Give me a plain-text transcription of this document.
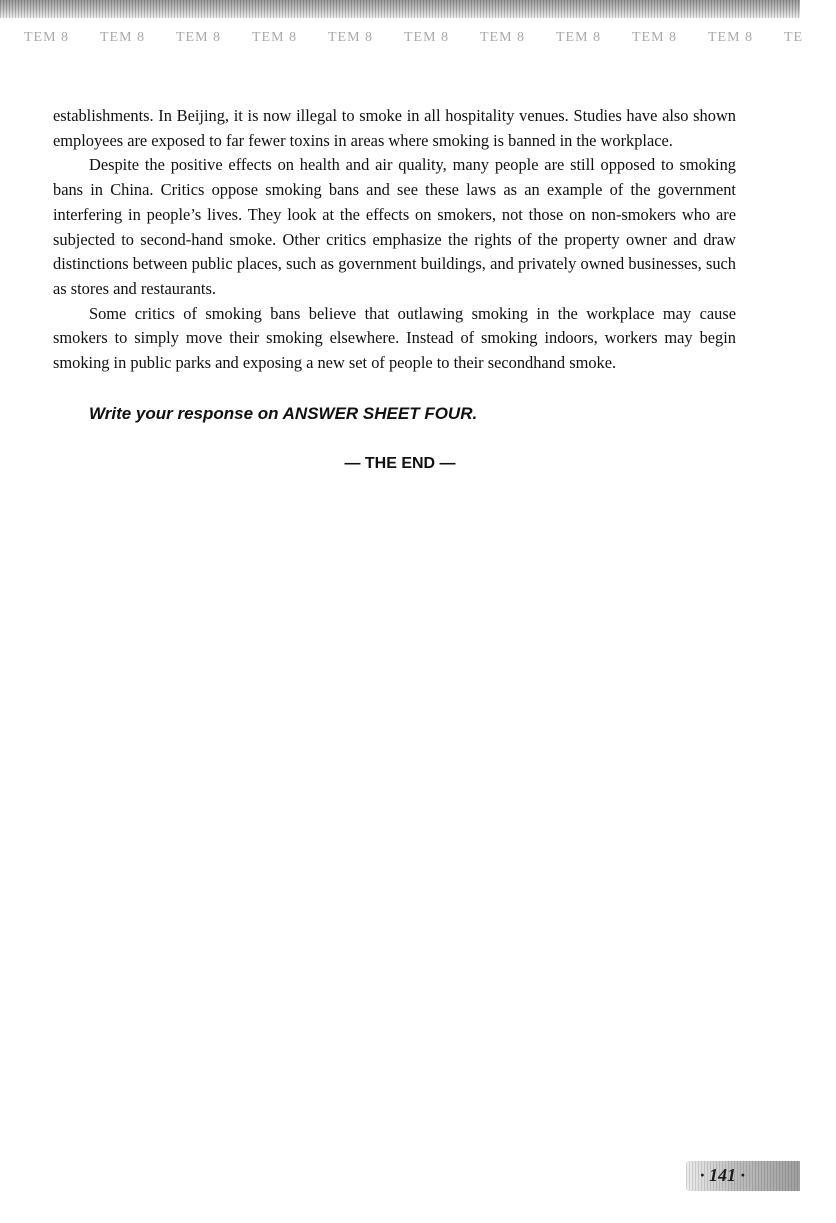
TEM 8	TEM 8	TEM 8	TEM 8	TEM 8	TEM 8	TEM 8	TEM 8	TEM 8	TEM 8	TE

establishments. In Beijing, it is now illegal to smoke in all hospitality venues. Studies have also shown employees are exposed to far fewer toxins in areas where smoking is banned in the workplace.

Despite the positive effects on health and air quality, many people are still opposed to smoking bans in China. Critics oppose smoking bans and see these laws as an example of the government interfering in people’s lives. They look at the effects on smokers, not those on non-smokers who are subjected to second-hand smoke. Other critics emphasize the rights of the property owner and draw distinctions between public places, such as government buildings, and privately owned businesses, such as stores and restaurants.

Some critics of smoking bans believe that outlawing smoking in the workplace may cause smokers to simply move their smoking elsewhere. Instead of smoking indoors, workers may begin smoking in public parks and exposing a new set of people to their secondhand smoke.

Write your response on ANSWER SHEET FOUR.
— THE END —
· 141 ·
